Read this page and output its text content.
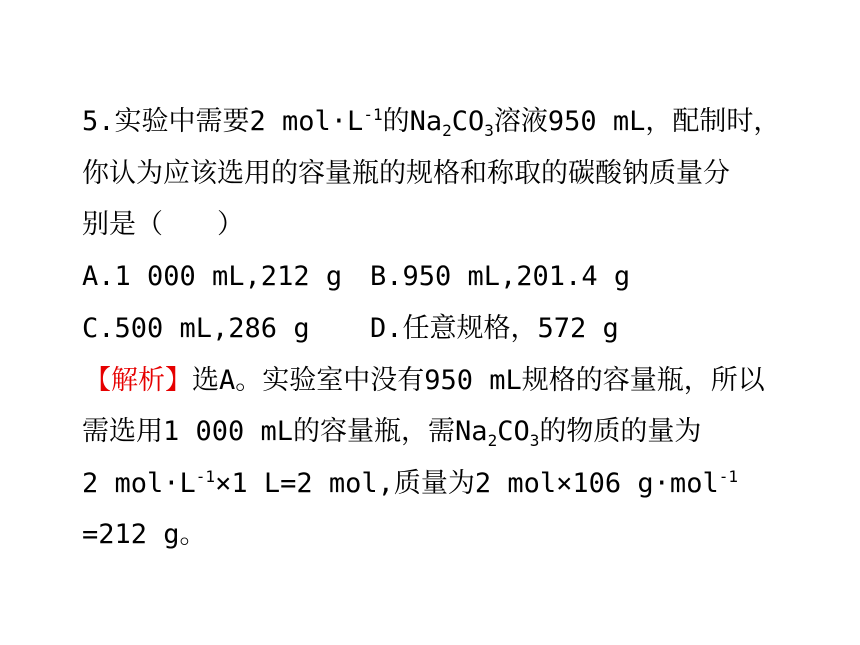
5.实验中需要2 $mol\cdot L^{-1}$的$Na_2CO_3$溶液950 mL，配制时，
你认为应该选用的容量瓶的规格和称取的碳酸钠质量分
别是（　　）
A.1 000 mL,212 g B.950 mL,201.4 g
C.500 mL,286 g D.任意规格，572 g
【解析】选A。实验室中没有950 mL规格的容量瓶，所以
需选用1 000 mL的容量瓶，需$Na_2CO_3$的物质的量为
2 $mol\cdot L^{-1}\times 1$ L=2 mol,质量为2 mol×106 g·mol$^{-1}$
=212 g。
